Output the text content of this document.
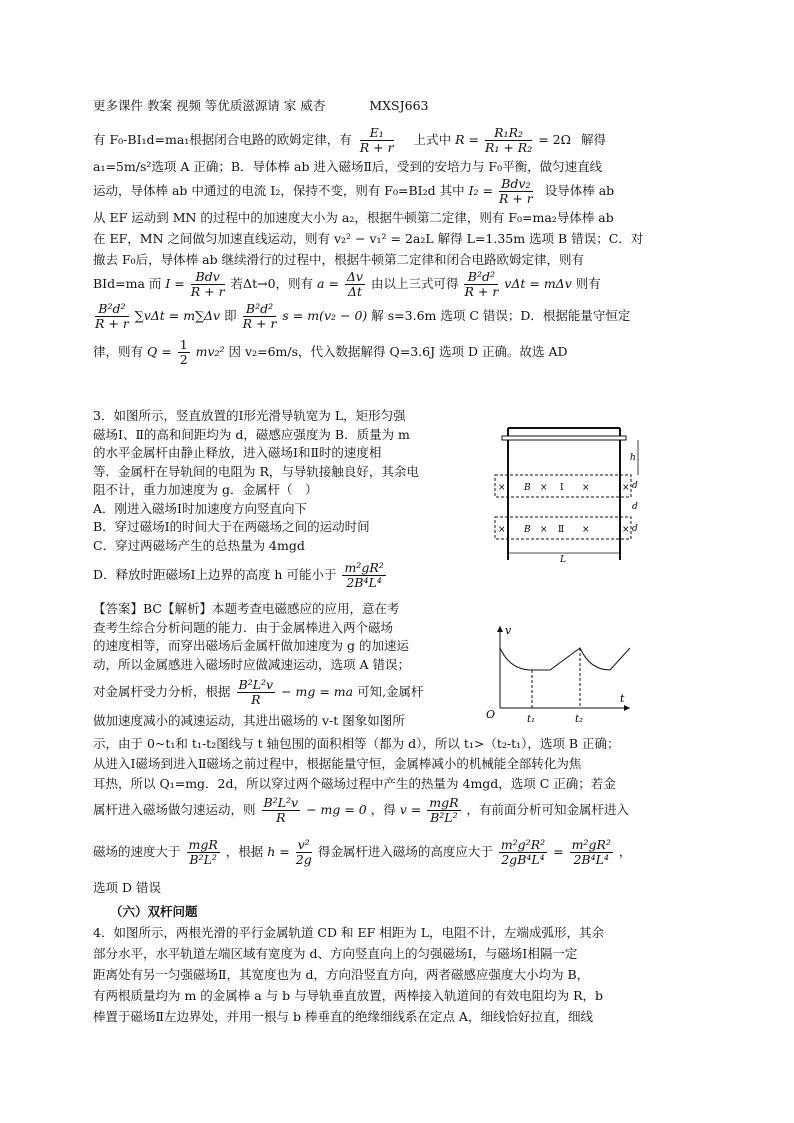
更多课件 教案 视频 等优质滋源请 家 威杏	MXSJ663
有 F₀-BI₁d=ma₁根据闭合电路的欧姆定律，有 $\frac{\text{E₁}}{R + r}$ 上式中 $R = \frac{\text{R₁R₂}}{\text{R₁ + R₂}} = 2\Omega$ 解得
a₁=5m/s²选项 A 正确；B．导体棒 ab 进入磁场Ⅱ后，受到的安培力与 F₀平衡，做匀速直线
运动，导体棒 ab 中通过的电流 I₂，保持不变，则有 F₀=BI₂d 其中 $I_2 = \frac{\text{Bdv₂}}{R + r}$ 设导体棒 ab
从 EF 运动到 MN 的过程中的加速度大小为 a₂，根据牛顿第二定律，则有 F₀=ma₂导体棒 ab
在 EF，MN 之间做匀加速直线运动，则有 v₂² − v₁² = 2a₂L 解得 L=1.35m 选项 B 错误；C．对
撤去 F₀后，导体棒 ab 继续滑行的过程中，根据牛顿第二定律和闭合电路欧姆定律，则有
BId=ma 而 $I = \frac{\text{Bdv}}{R + r}$ 若Δt→0，则有 $a = \frac{\Delta v}{\Delta t}$ 由以上三式可得 $\frac{\text{B²d²}}{R + r}$ vΔt = mΔv 则有
$\frac{\text{B²d²}}{R + r} \sum v\Delta t = m\sum\Delta v$ 即 $\frac{\text{B²d²}}{R + r}$ s = m(v₂ − 0) 解 s=3.6m 选项 C 错误；D．根据能量守恒定
律，则有 $Q = \frac{1}{2} mv_2^2$ 因 v₂=6m/s，代入数据解得 Q=3.6J 选项 D 正确。故选 AD
3．如图所示，竖直放置的Ⅰ形光滑导轨宽为 L，矩形匀强
磁场Ⅰ、Ⅱ的高和间距均为 d，磁感应强度为 B．质量为 m
的水平金属杆由静止释放，进入磁场Ⅰ和Ⅱ时的速度相
等．金属杆在导轨间的电阻为 R，与导轨接触良好，其余电
阻不计，重力加速度为 g．金属杆（　）
A．刚进入磁场Ⅰ时加速度方向竖直向下
B．穿过磁场Ⅰ的时间大于在两磁场之间的运动时间
C．穿过两磁场产生的总热量为 4mgd
D．释放时距磁场Ⅰ上边界的高度 h 可能小于 $\frac{\text{m²gR²}}{\text{2B⁴L⁴}}$
× B × Ⅰ ×	×
× B × Ⅱ ×	×
h
d
d
d
L
【答案】BC【解析】本题考查电磁感应的应用，意在考
查考生综合分析问题的能力．由于金属棒进入两个磁场
的速度相等，而穿出磁场后金属杆做加速度为 g 的加速运
动，所以金属感进入磁场时应做减速运动，选项 A 错误；
对金属杆受力分析，根据 $\frac{\text{B²L²v}}{R}$ − mg = ma 可知,金属杆
做加速度减小的减速运动，其进出磁场的 v-t 图象如图所
示，由于 0~t₁和 t₁-t₂图线与 t 轴包围的面积相等（都为 d），所以 t₁>（t₂-t₁），选项 B 正确；
从进入Ⅰ磁场到进入Ⅱ磁场之前过程中，根据能量守恒，金属棒减小的机械能全部转化为焦
耳热，所以 Q₁=mg．2d，所以穿过两个磁场过程中产生的热量为 4mgd，选项 C 正确；若金
属杆进入磁场做匀速运动，则 $\frac{\text{B²L²v}}{R}$ − mg = 0 ，得 $v = \frac{\text{mgR}}{\text{B²L²}}$ ，有前面分析可知金属杆进入
磁场的速度大于 $\frac{\text{mgR}}{\text{B²L²}}$ ，根据 $h = \frac{\text{v²}}{2g}$ 得金属杆进入磁场的高度应大于 $\frac{\text{m²g²R²}}{\text{2gB⁴L⁴}} = \frac{\text{m²gR²}}{\text{2B⁴L⁴}}$ ，
选项 D 错误
v
t
O	t₁	t₂
（六）双杆问题
4．如图所示，两根光滑的平行金属轨道 CD 和 EF 相距为 L，电阻不计，左端成弧形，其余
部分水平，水平轨道左端区域有宽度为 d、方向竖直向上的匀强磁场Ⅰ，与磁场Ⅰ相隔一定
距离处有另一匀强磁场Ⅱ，其宽度也为 d，方向沿竖直方向，两者磁感应强度大小均为 B，
有两根质量均为 m 的金属棒 a 与 b 与导轨垂直放置，两棒接入轨道间的有效电阻均为 R，b
棒置于磁场Ⅱ左边界处，并用一根与 b 棒垂直的绝缘细线系在定点 A，细线恰好拉直，细线
